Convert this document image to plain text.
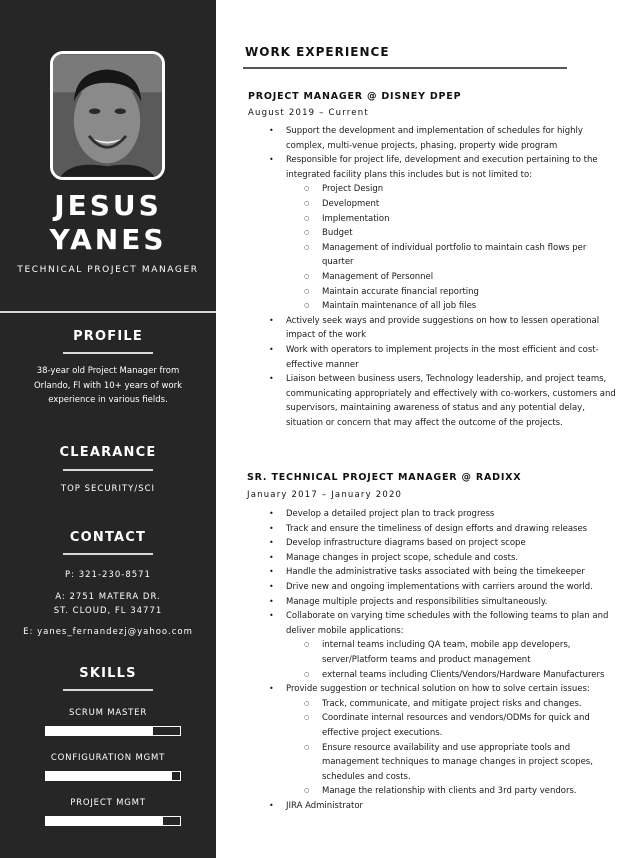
JESUS
YANES
TECHNICAL PROJECT MANAGER
PROFILE
38-year old Project Manager from Orlando, Fl with 10+ years of work experience in various fields.
CLEARANCE
TOP SECURITY/SCI
CONTACT
P: 321-230-8571
A: 2751 MATERA DR.
ST. CLOUD, FL 34771
E: yanes_fernandezj@yahoo.com
SKILLS
SCRUM MASTER
CONFIGURATION MGMT
PROJECT MGMT
WORK EXPERIENCE
PROJECT MANAGER @ DISNEY DPEP
August 2019 – Current
• Support the development and implementation of schedules for highly complex, multi-venue projects, phasing, property wide program
• Responsible for project life, development and execution pertaining to the integrated facility plans this includes but is not limited to:
○ Project Design
○ Development
○ Implementation
○ Budget
○ Management of individual portfolio to maintain cash flows per quarter
○ Management of Personnel
○ Maintain accurate financial reporting
○ Maintain maintenance of all job files
• Actively seek ways and provide suggestions on how to lessen operational impact of the work
• Work with operators to implement projects in the most efficient and cost-effective manner
• Liaison between business users, Technology leadership, and project teams, communicating appropriately and effectively with co-workers, customers and supervisors, maintaining awareness of status and any potential delay, situation or concern that may affect the outcome of the projects.
SR. TECHNICAL PROJECT MANAGER @ RADIXX
January 2017 – January 2020
• Develop a detailed project plan to track progress
• Track and ensure the timeliness of design efforts and drawing releases
• Develop infrastructure diagrams based on project scope
• Manage changes in project scope, schedule and costs.
• Handle the administrative tasks associated with being the timekeeper
• Drive new and ongoing implementations with carriers around the world.
• Manage multiple projects and responsibilities simultaneously.
• Collaborate on varying time schedules with the following teams to plan and deliver mobile applications:
○ internal teams including QA team, mobile app developers, server/Platform teams and product management
○ external teams including Clients/Vendors/Hardware Manufacturers
• Provide suggestion or technical solution on how to solve certain issues:
○ Track, communicate, and mitigate project risks and changes.
○ Coordinate internal resources and vendors/ODMs for quick and effective project executions.
○ Ensure resource availability and use appropriate tools and management techniques to manage changes in project scopes, schedules and costs.
○ Manage the relationship with clients and 3rd party vendors.
• JIRA Administrator
